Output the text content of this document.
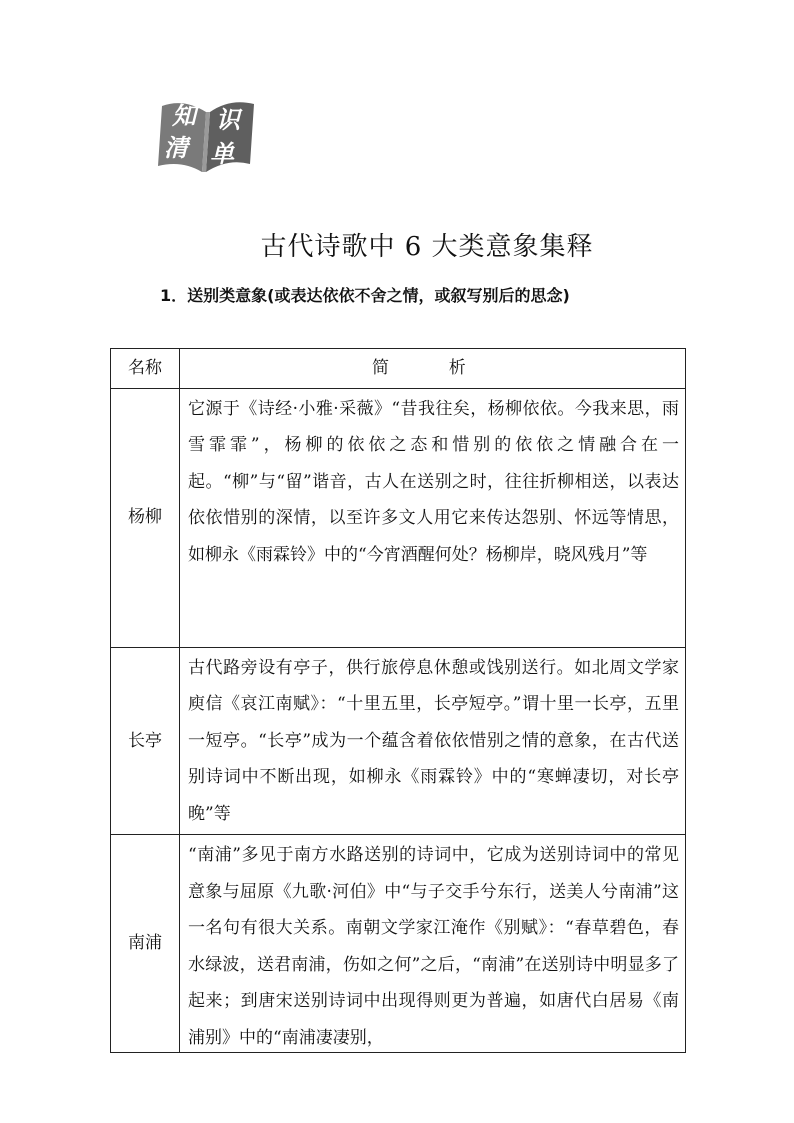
知 识
清 单
古代诗歌中 6 大类意象集释
1．送别类意象(或表达依依不舍之情，或叙写别后的思念)
名称	简 析
杨柳	它源于《诗经·小雅·采薇》“昔我往矣，杨柳依依。今我来思，雨雪霏霏”，杨柳的依依之态和惜别的依依之情融合在一起。“柳”与“留”谐音，古人在送别之时，往往折柳相送，以表达依依惜别的深情，以至许多文人用它来传达怨别、怀远等情思，如柳永《雨霖铃》中的“今宵酒醒何处？杨柳岸，晓风残月”等
长亭	古代路旁设有亭子，供行旅停息休憩或饯别送行。如北周文学家庾信《哀江南赋》：“十里五里，长亭短亭。”谓十里一长亭，五里一短亭。“长亭”成为一个蕴含着依依惜别之情的意象，在古代送别诗词中不断出现，如柳永《雨霖铃》中的“寒蝉凄切，对长亭晚”等
南浦	“南浦”多见于南方水路送别的诗词中，它成为送别诗词中的常见意象与屈原《九歌·河伯》中“与子交手兮东行，送美人兮南浦”这一名句有很大关系。南朝文学家江淹作《别赋》：“春草碧色，春水绿波，送君南浦，伤如之何”之后，“南浦”在送别诗中明显多了起来；到唐宋送别诗词中出现得则更为普遍，如唐代白居易《南浦别》中的“南浦凄凄别，
